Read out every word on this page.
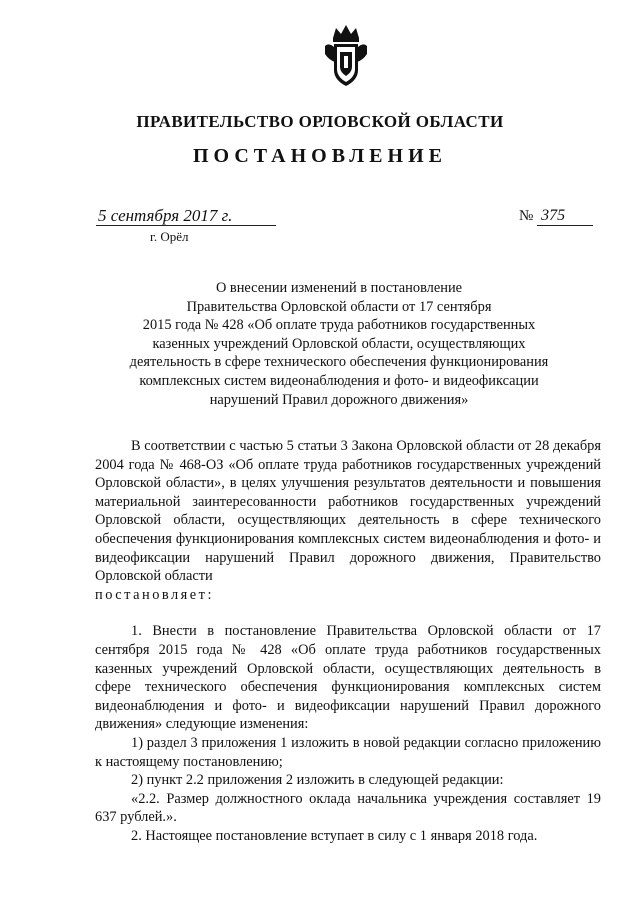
ПРАВИТЕЛЬСТВО ОРЛОВСКОЙ ОБЛАСТИ
ПОСТАНОВЛЕНИЕ
5 сентября 2017 г.
г. Орёл
№ 375
О внесении изменений в постановление
Правительства Орловской области от 17 сентября
2015 года № 428 «Об оплате труда работников государственных
казенных учреждений Орловской области, осуществляющих
деятельность в сфере технического обеспечения функционирования
комплексных систем видеонаблюдения и фото- и видеофиксации
нарушений Правил дорожного движения»

В соответствии с частью 5 статьи 3 Закона Орловской области от 28 декабря 2004 года № 468-ОЗ «Об оплате труда работников государственных учреждений Орловской области», в целях улучшения результатов деятельности и повышения материальной заинтересованности работников государственных учреждений Орловской области, осуществляющих деятельность в сфере технического обеспечения функционирования комплексных систем видеонаблюдения и фото- и видеофиксации нарушений Правил дорожного движения, Правительство Орловской области

постановляет:

1. Внести в постановление Правительства Орловской области от 17 сентября 2015 года № 428 «Об оплате труда работников государственных казенных учреждений Орловской области, осуществляющих деятельность в сфере технического обеспечения функционирования комплексных систем видеонаблюдения и фото- и видеофиксации нарушений Правил дорожного движения» следующие изменения:

1) раздел 3 приложения 1 изложить в новой редакции согласно приложению к настоящему постановлению;

2) пункт 2.2 приложения 2 изложить в следующей редакции:

«2.2. Размер должностного оклада начальника учреждения составляет 19 637 рублей.».

2. Настоящее постановление вступает в силу с 1 января 2018 года.
